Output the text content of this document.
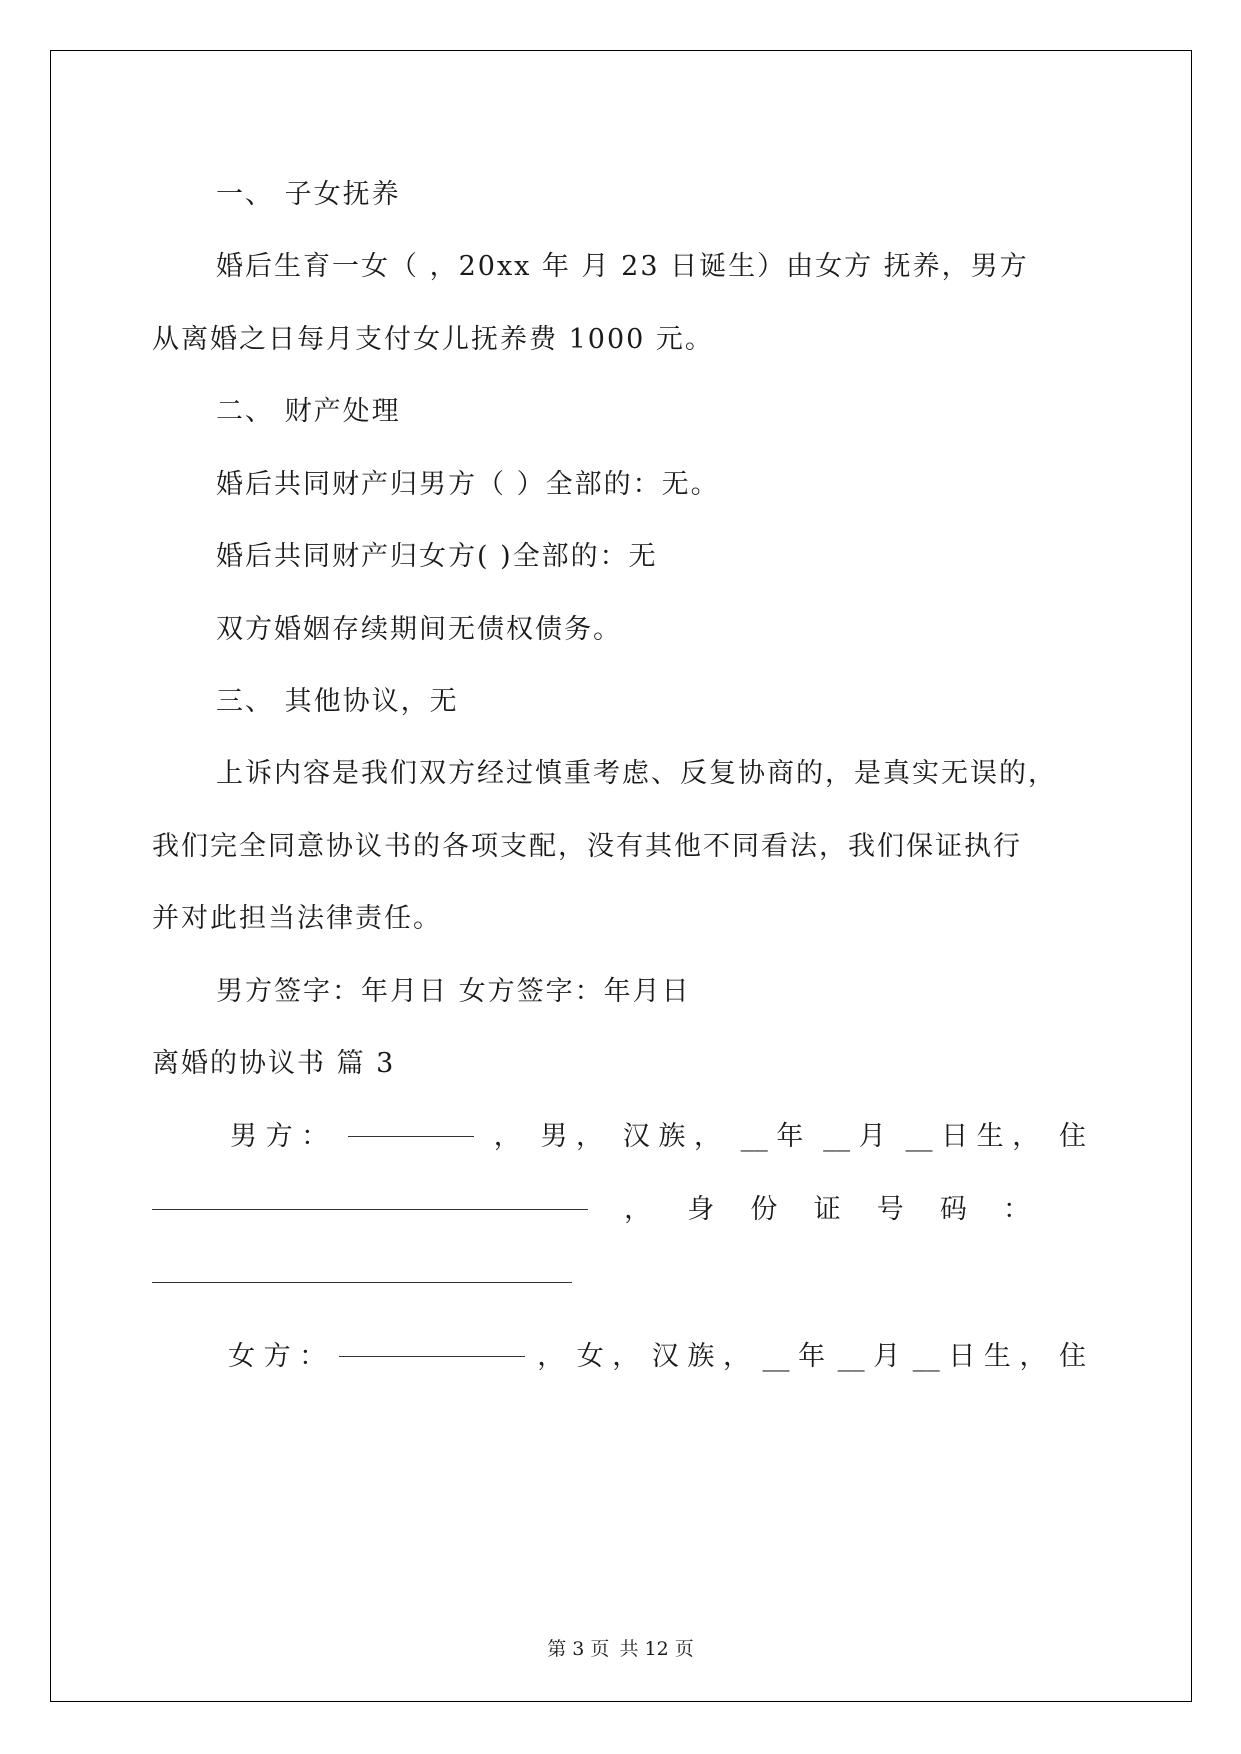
一、 子女抚养
婚后生育一女（ ，20xx 年 月 23 日诞生）由女方 抚养，男方
从离婚之日每月支付女儿抚养费 1000 元。
二、 财产处理
婚后共同财产归男方（ ）全部的：无。
婚后共同财产归女方( )全部的：无
双方婚姻存续期间无债权债务。
三、 其他协议，无
上诉内容是我们双方经过慎重考虑、反复协商的，是真实无误的，
我们完全同意协议书的各项支配，没有其他不同看法，我们保证执行
并对此担当法律责任。
男方签字：年月日 女方签字：年月日
离婚的协议书 篇 3
男 方 ：	， 男 ， 汉 族 ， __ 年 __ 月 __ 日 生 ， 住
， 身 份 证 号 码 ：
女 方 ：	， 女 ， 汉 族 ， __ 年 __ 月 __ 日 生 ， 住
第 3 页 共 12 页
